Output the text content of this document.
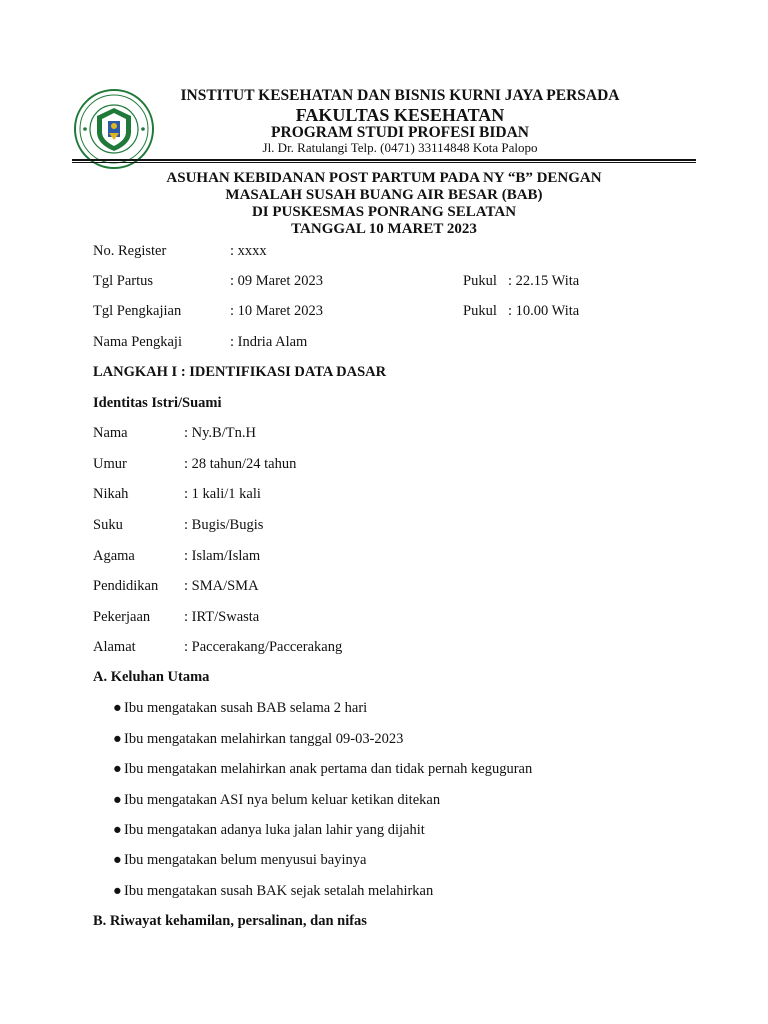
INSTITUT KESEHATAN DAN BISNIS KURNI JAYA PERSADA
FAKULTAS KESEHATAN
PROGRAM STUDI PROFESI BIDAN
Jl. Dr. Ratulangi Telp. (0471) 33114848 Kota Palopo
ASUHAN KEBIDANAN POST PARTUM PADA NY “B” DENGAN
MASALAH SUSAH BUANG AIR BESAR (BAB)
DI PUSKESMAS PONRANG SELATAN
TANGGAL 10 MARET 2023
No. Register	: xxxx
Tgl Partus	: 09 Maret 2023	Pukul : 22.15 Wita
Tgl Pengkajian	: 10 Maret 2023	Pukul : 10.00 Wita
Nama Pengkaji	: Indria Alam
LANGKAH I : IDENTIFIKASI DATA DASAR
Identitas Istri/Suami
Nama	: Ny.B/Tn.H
Umur	: 28 tahun/24 tahun
Nikah	: 1 kali/1 kali
Suku	: Bugis/Bugis
Agama	: Islam/Islam
Pendidikan : SMA/SMA
Pekerjaan : IRT/Swasta
Alamat	: Paccerakang/Paccerakang
A. Keluhan Utama
● Ibu mengatakan susah BAB selama 2 hari
● Ibu mengatakan melahirkan tanggal 09-03-2023
● Ibu mengatakan melahirkan anak pertama dan tidak pernah keguguran
● Ibu mengatakan ASI nya belum keluar ketikan ditekan
● Ibu mengatakan adanya luka jalan lahir yang dijahit
● Ibu mengatakan belum menyusui bayinya
● Ibu mengatakan susah BAK sejak setalah melahirkan
B. Riwayat kehamilan, persalinan, dan nifas
